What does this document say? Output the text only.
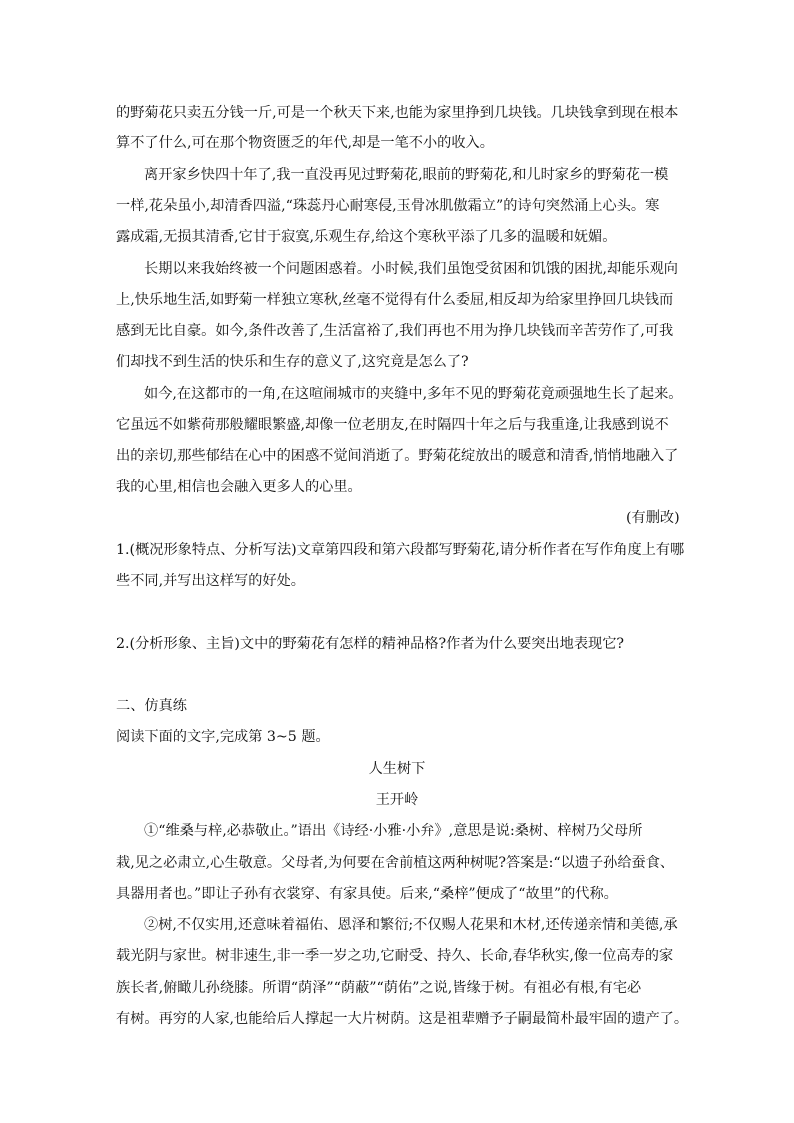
的野菊花只卖五分钱一斤,可是一个秋天下来,也能为家里挣到几块钱。几块钱拿到现在根本
算不了什么,可在那个物资匮乏的年代,却是一笔不小的收入。
离开家乡快四十年了,我一直没再见过野菊花,眼前的野菊花,和儿时家乡的野菊花一模
一样,花朵虽小,却清香四溢,“珠蕊丹心耐寒侵,玉骨冰肌傲霜立”的诗句突然涌上心头。寒
露成霜,无损其清香,它甘于寂寞,乐观生存,给这个寒秋平添了几多的温暖和妩媚。
长期以来我始终被一个问题困惑着。小时候,我们虽饱受贫困和饥饿的困扰,却能乐观向
上,快乐地生活,如野菊一样独立寒秋,丝毫不觉得有什么委屈,相反却为给家里挣回几块钱而
感到无比自豪。如今,条件改善了,生活富裕了,我们再也不用为挣几块钱而辛苦劳作了,可我
们却找不到生活的快乐和生存的意义了,这究竟是怎么了?
如今,在这都市的一角,在这喧闹城市的夹缝中,多年不见的野菊花竟顽强地生长了起来。
它虽远不如紫荷那般耀眼繁盛,却像一位老朋友,在时隔四十年之后与我重逢,让我感到说不
出的亲切,那些郁结在心中的困惑不觉间消逝了。野菊花绽放出的暖意和清香,悄悄地融入了
我的心里,相信也会融入更多人的心里。
(有删改)
1.(概况形象特点、分析写法)文章第四段和第六段都写野菊花,请分析作者在写作角度上有哪
些不同,并写出这样写的好处。
2.(分析形象、主旨)文中的野菊花有怎样的精神品格?作者为什么要突出地表现它?
二、仿真练
阅读下面的文字,完成第 3~5 题。
人生树下
王开岭
①“维桑与梓,必恭敬止。”语出《诗经·小雅·小弁》,意思是说:桑树、梓树乃父母所
栽,见之必肃立,心生敬意。父母者,为何要在舍前植这两种树呢?答案是:“以遗子孙给蚕食、
具器用者也。”即让子孙有衣裳穿、有家具使。后来,“桑梓”便成了“故里”的代称。
②树,不仅实用,还意味着福佑、恩泽和繁衍;不仅赐人花果和木材,还传递亲情和美德,承
载光阴与家世。树非速生,非一季一岁之功,它耐受、持久、长命,春华秋实,像一位高寿的家
族长者,俯瞰儿孙绕膝。所谓“荫泽”“荫蔽”“荫佑”之说,皆缘于树。有祖必有根,有宅必
有树。再穷的人家,也能给后人撑起一大片树荫。这是祖辈赠予子嗣最简朴最牢固的遗产了。
